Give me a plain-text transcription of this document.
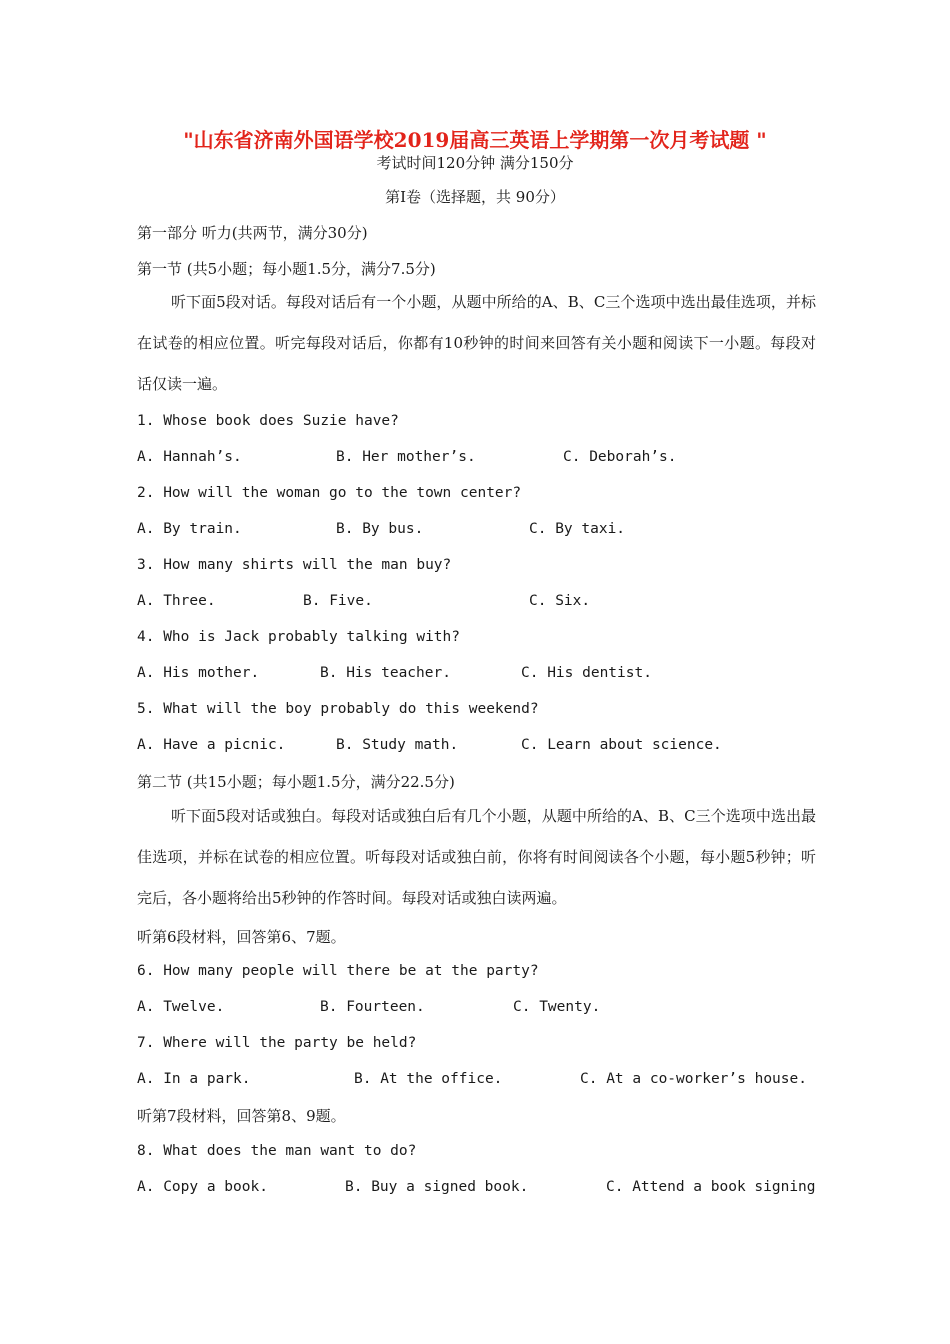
"山东省济南外国语学校2019届高三英语上学期第一次月考试题 "
考试时间120分钟 满分150分
第Ⅰ卷（选择题，共 90分）
第一部分 听力(共两节，满分30分)
第一节 (共5小题；每小题1.5分，满分7.5分)
听下面5段对话。每段对话后有一个小题，从题中所给的A、B、C三个选项中选出最佳选项，并标在试卷的相应位置。听完每段对话后，你都有10秒钟的时间来回答有关小题和阅读下一小题。每段对话仅读一遍。
1. Whose book does Suzie have?
A. Hannah’s.	B. Her mother’s.	C. Deborah’s.
2. How will the woman go to the town center?
A. By train.	B. By bus.	C. By taxi.
3. How many shirts will the man buy?
A. Three.	B. Five.	C. Six.
4. Who is Jack probably talking with?
A. His mother.	B. His teacher.	C. His dentist.
5. What will the boy probably do this weekend?
A. Have a picnic.	B. Study math.	C. Learn about science.
第二节 (共15小题；每小题1.5分，满分22.5分)
听下面5段对话或独白。每段对话或独白后有几个小题，从题中所给的A、B、C三个选项中选出最佳选项，并标在试卷的相应位置。听每段对话或独白前，你将有时间阅读各个小题，每小题5秒钟；听完后，各小题将给出5秒钟的作答时间。每段对话或独白读两遍。
听第6段材料，回答第6、7题。
6. How many people will there be at the party?
A. Twelve.	B. Fourteen.	C. Twenty.
7. Where will the party be held?
A. In a park.	B. At the office.	C. At a co-worker’s house.
听第7段材料，回答第8、9题。
8. What does the man want to do?
A. Copy a book.	B. Buy a signed book.	C. Attend a book signing
